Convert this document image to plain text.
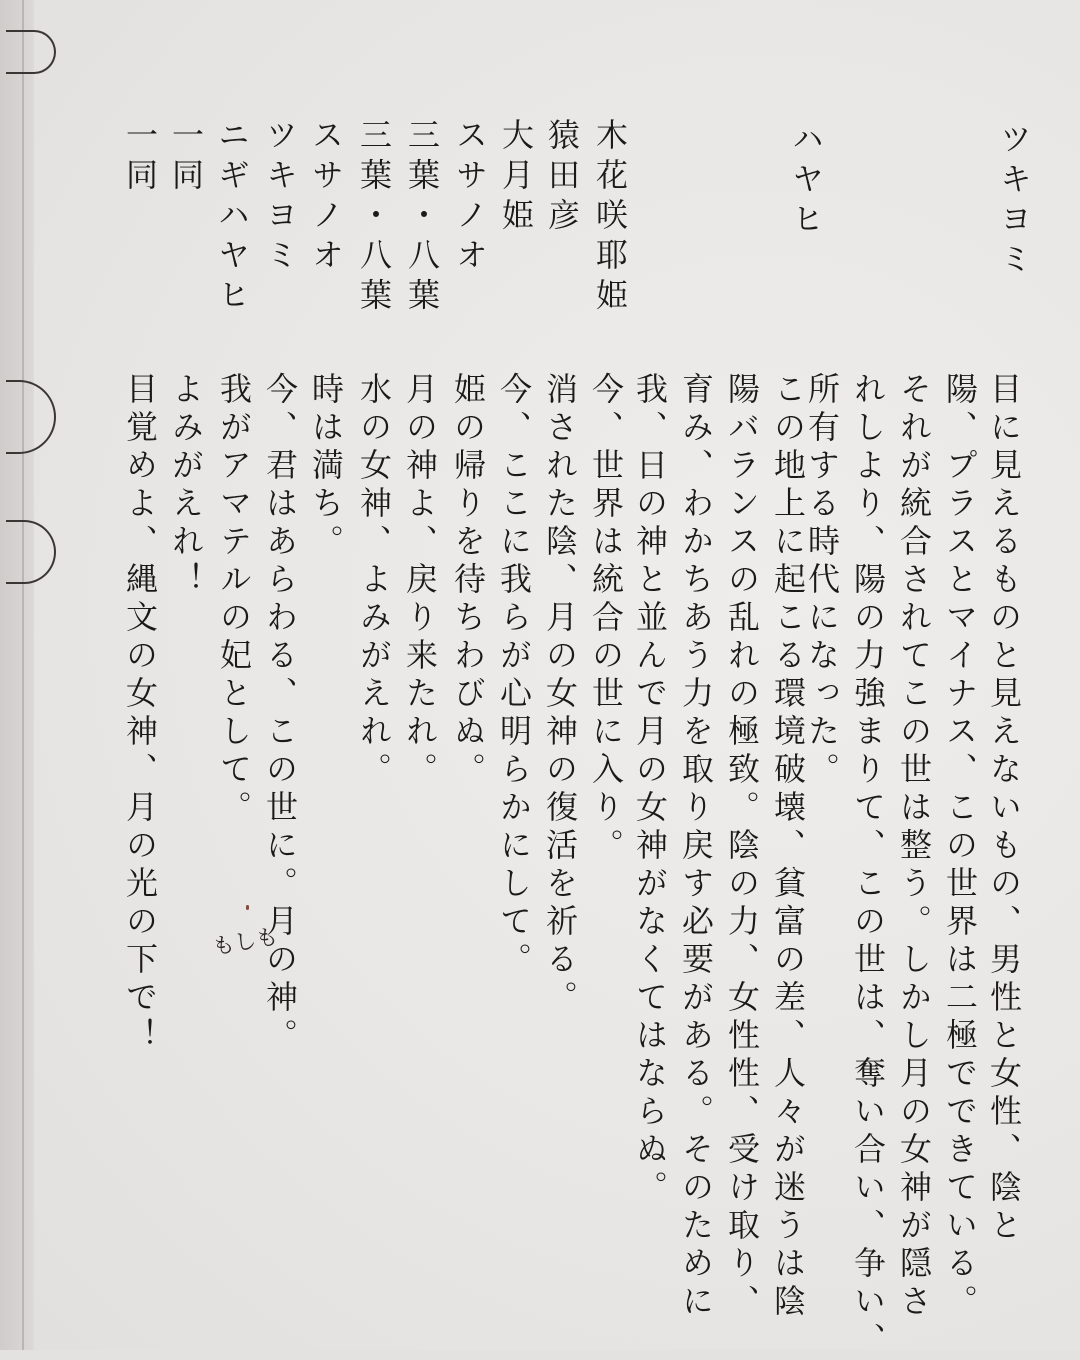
ツキヨミ
ハヤヒ
木花咲耶姫
猿田彦
大月姫
スサノオ
三葉・八葉
三葉・八葉
スサノオ
ツキヨミ
ニギハヤヒ
一同
一同
目に見えるものと見えないもの、男性と女性、陰と
陽、プラスとマイナス、この世界は二極でできている。
それが統合されてこの世は整う。しかし月の女神が隠さ
れしより、陽の力強まりて、この世は、奪い合い、争い、
所有する時代になった。
この地上に起こる環境破壊、貧富の差、人々が迷うは陰
陽バランスの乱れの極致。陰の力、女性性、受け取り、
育み、わかちあう力を取り戻す必要がある。そのために
我、日の神と並んで月の女神がなくてはならぬ。
今、世界は統合の世に入り。
消された陰、月の女神の復活を祈る。
今、ここに我らが心明らかにして。
姫の帰りを待ちわびぬ。
月の神よ、戻り来たれ。
水の女神、よみがえれ。
時は満ち。
今、君はあらわる、この世に。月の神。
我がアマテルの妃として。
よみがえれ！
目覚めよ、縄文の女神、月の光の下で！ もしも
